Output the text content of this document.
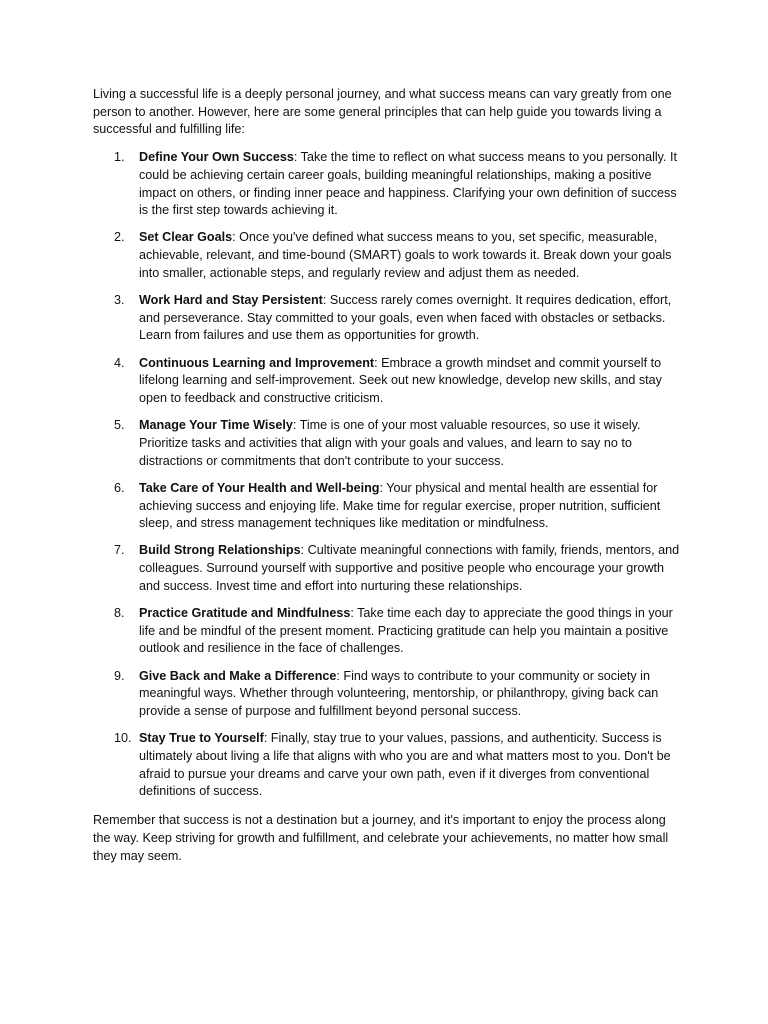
Living a successful life is a deeply personal journey, and what success means can vary greatly from one person to another. However, here are some general principles that can help guide you towards living a successful and fulfilling life:

1.	Define Your Own Success: Take the time to reflect on what success means to you personally. It could be achieving certain career goals, building meaningful relationships, making a positive impact on others, or finding inner peace and happiness. Clarifying your own definition of success is the first step towards achieving it.
2.	Set Clear Goals: Once you've defined what success means to you, set specific, measurable, achievable, relevant, and time-bound (SMART) goals to work towards it. Break down your goals into smaller, actionable steps, and regularly review and adjust them as needed.
3.	Work Hard and Stay Persistent: Success rarely comes overnight. It requires dedication, effort, and perseverance. Stay committed to your goals, even when faced with obstacles or setbacks. Learn from failures and use them as opportunities for growth.
4.	Continuous Learning and Improvement: Embrace a growth mindset and commit yourself to lifelong learning and self-improvement. Seek out new knowledge, develop new skills, and stay open to feedback and constructive criticism.
5.	Manage Your Time Wisely: Time is one of your most valuable resources, so use it wisely. Prioritize tasks and activities that align with your goals and values, and learn to say no to distractions or commitments that don't contribute to your success.
6.	Take Care of Your Health and Well-being: Your physical and mental health are essential for achieving success and enjoying life. Make time for regular exercise, proper nutrition, sufficient sleep, and stress management techniques like meditation or mindfulness.
7.	Build Strong Relationships: Cultivate meaningful connections with family, friends, mentors, and colleagues. Surround yourself with supportive and positive people who encourage your growth and success. Invest time and effort into nurturing these relationships.
8.	Practice Gratitude and Mindfulness: Take time each day to appreciate the good things in your life and be mindful of the present moment. Practicing gratitude can help you maintain a positive outlook and resilience in the face of challenges.
9.	Give Back and Make a Difference: Find ways to contribute to your community or society in meaningful ways. Whether through volunteering, mentorship, or philanthropy, giving back can provide a sense of purpose and fulfillment beyond personal success.
10. Stay True to Yourself: Finally, stay true to your values, passions, and authenticity. Success is ultimately about living a life that aligns with who you are and what matters most to you. Don't be afraid to pursue your dreams and carve your own path, even if it diverges from conventional definitions of success.

Remember that success is not a destination but a journey, and it's important to enjoy the process along the way. Keep striving for growth and fulfillment, and celebrate your achievements, no matter how small they may seem.
